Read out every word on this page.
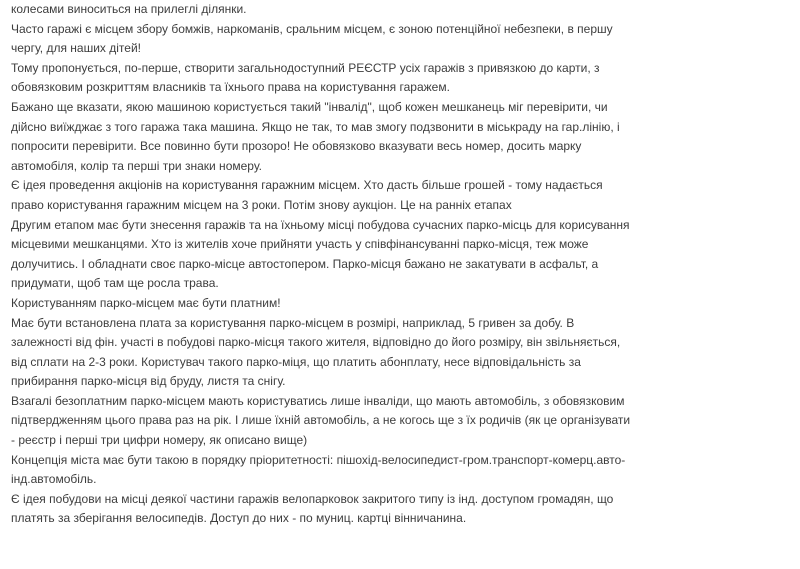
колесами виноситься на прилеглі ділянки.

Часто гаражі є місцем збору бомжів, наркоманів, сральним місцем, є зоною потенційної небезпеки, в першу чергу, для наших дітей!

Тому пропонується, по-перше, створити загальнодоступний РЕЄСТР усіх гаражів з привязкою до карти, з обовязковим розкриттям власників та їхнього права на користування гаражем.

Бажано ще вказати, якою машиною користується такий "інвалід", щоб кожен мешканець міг перевірити, чи дійсно виїжджає з того гаража така машина. Якщо не так, то мав змогу подзвонити в міськраду на гар.лінію, і попросити перевірити. Все повинно бути прозоро! Не обовязково вказувати весь номер, досить марку автомобіля, колір та перші три знаки номеру.

Є ідея проведення акціонів на користування гаражним місцем. Хто дасть більше грошей - тому надається право користування гаражним місцем на 3 роки. Потім знову аукціон. Це на ранніх етапах

Другим етапом має бути знесення гаражів та на їхньому місці побудова сучасних парко-місць для корисування місцевими мешканцями. Хто із жителів хоче прийняти участь у співфінансуванні парко-місця, теж може долучитись. І обладнати своє парко-місце автостопером. Парко-місця бажано не закатувати в асфальт, а придумати, щоб там ще росла трава.

Користуванням парко-місцем має бути платним!

Має бути встановлена плата за користування парко-місцем в розмірі, наприклад, 5 гривен за добу. В залежності від фін. участі в побудові парко-місця такого жителя, відповідно до його розміру, він звільняється, від сплати на 2-3 роки. Користувач такого парко-міця, що платить абонплату, несе відповідальність за прибирання парко-місця від бруду, листя та снігу.

Взагалі безоплатним парко-місцем мають користуватись лише інваліди, що мають автомобіль, з обовязковим підтвердженням цього права раз на рік. І лише їхній автомобіль, а не когось ще з їх родичів (як це організувати - реєстр і перші три цифри номеру, як описано вище)

Концепція міста має бути такою в порядку пріоритетності: пішохід-велосипедист-гром.транспорт-комерц.авто-інд.автомобіль.

Є ідея побудови на місці деякої частини гаражів велопарковок закритого типу із інд. доступом громадян, що платять за зберігання велосипедів. Доступ до них - по муниц. картці вінничанина.
